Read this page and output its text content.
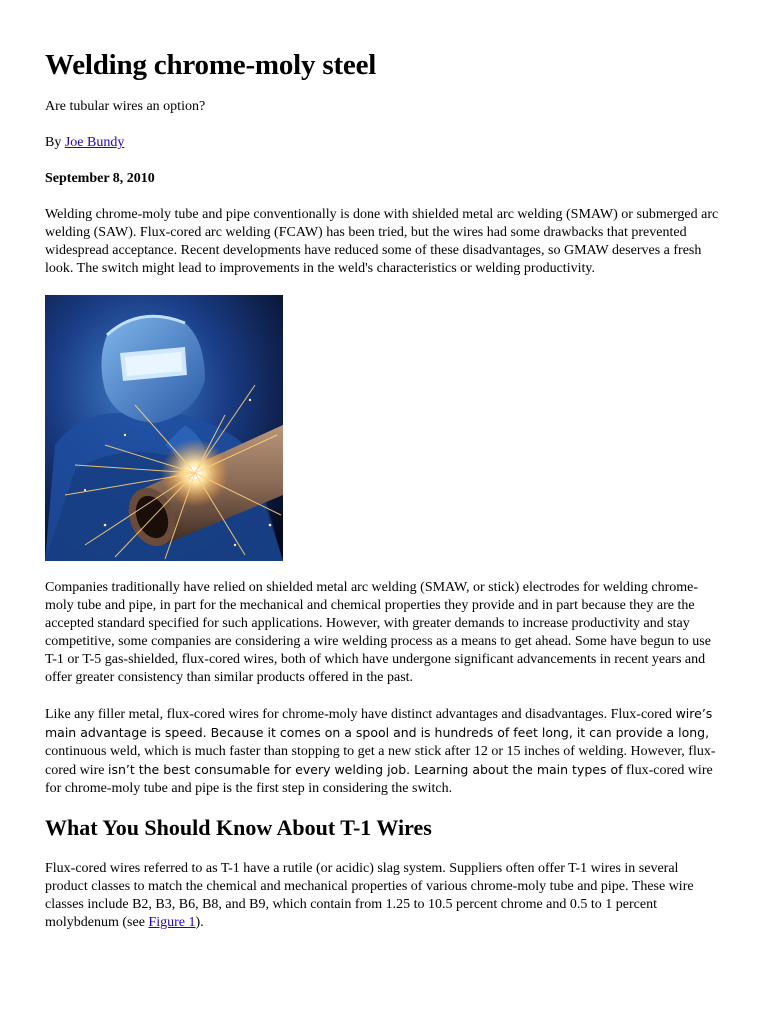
Welding chrome-moly steel

Are tubular wires an option?

By Joe Bundy

September 8, 2010

Welding chrome-moly tube and pipe conventionally is done with shielded metal arc welding (SMAW) or submerged arc welding (SAW). Flux-cored arc welding (FCAW) has been tried, but the wires had some drawbacks that prevented widespread acceptance. Recent developments have reduced some of these disadvantages, so GMAW deserves a fresh look. The switch might lead to improvements in the weld's characteristics or welding productivity.

Companies traditionally have relied on shielded metal arc welding (SMAW, or stick) electrodes for welding chrome-moly tube and pipe, in part for the mechanical and chemical properties they provide and in part because they are the accepted standard specified for such applications. However, with greater demands to increase productivity and stay competitive, some companies are considering a wire welding process as a means to get ahead. Some have begun to use T-1 or T-5 gas-shielded, flux-cored wires, both of which have undergone significant advancements in recent years and offer greater consistency than similar products offered in the past.

Like any filler metal, flux-cored wires for chrome-moly have distinct advantages and disadvantages. Flux-cored wire’s main advantage is speed. Because it comes on a spool and is hundreds of feet long, it can provide a long, continuous weld, which is much faster than stopping to get a new stick after 12 or 15 inches of welding. However, flux-cored wire isn’t the best consumable for every welding job. Learning about the main types of flux-cored wire for chrome-moly tube and pipe is the first step in considering the switch.

What You Should Know About T-1 Wires

Flux-cored wires referred to as T-1 have a rutile (or acidic) slag system. Suppliers often offer T-1 wires in several product classes to match the chemical and mechanical properties of various chrome-moly tube and pipe. These wire classes include B2, B3, B6, B8, and B9, which contain from 1.25 to 10.5 percent chrome and 0.5 to 1 percent molybdenum (see Figure 1).
